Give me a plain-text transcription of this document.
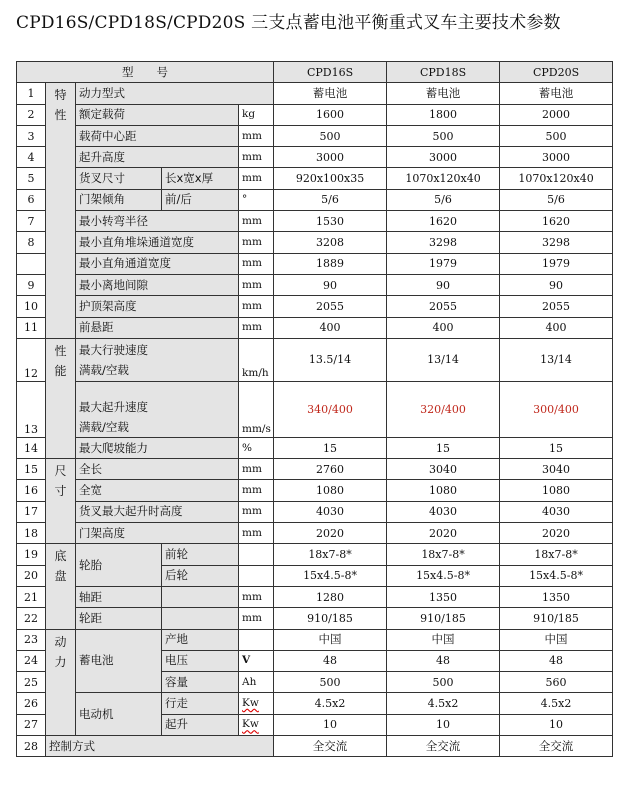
CPD16S/CPD18S/CPD20S 三支点蓄电池平衡重式叉车主要技术参数
型　　号					CPD16S	CPD18S	CPD20S
1	特性	动力型式			蓄电池	蓄电池	蓄电池
2		额定载荷		kg	1600	1800	2000
3		载荷中心距		mm	500	500	500
4		起升高度		mm	3000	3000	3000
5		货叉尺寸	长x宽x厚	mm	920x100x35	1070x120x40	1070x120x40
6		门架倾角	前/后	°	5/6	5/6	5/6
7		最小转弯半径		mm	1530	1620	1620
8		最小直角堆垛通道宽度		mm	3208	3298	3298
		最小直角通道宽度		mm	1889	1979	1979
9		最小离地间隙		mm	90	90	90
10		护顶架高度		mm	2055	2055	2055
11		前悬距		mm	400	400	400
12	性能	最大行驶速度
满载/空载		km/h	13.5/14	13/14	13/14
13		最大起升速度
满载/空载		mm/s	340/400	320/400	300/400
14		最大爬坡能力		%	15	15	15
15	尺寸	全长		mm	2760	3040	3040
16		全宽		mm	1080	1080	1080
17		货叉最大起升时高度		mm	4030	4030	4030
18		门架高度		mm	2020	2020	2020
19	底盘	轮胎	前轮		18x7-8*	18x7-8*	18x7-8*
20			后轮		15x4.5-8*	15x4.5-8*	15x4.5-8*
21		轴距		mm	1280	1350	1350
22		轮距		mm	910/185	910/185	910/185
23	动力	蓄电池	产地		中国	中国	中国
24			电压	V	48	48	48
25			容量	Ah	500	500	560
26		电动机	行走	Kw	4.5x2	4.5x2	4.5x2
27			起升	Kw	10	10	10
28	控制方式				全交流	全交流	全交流
